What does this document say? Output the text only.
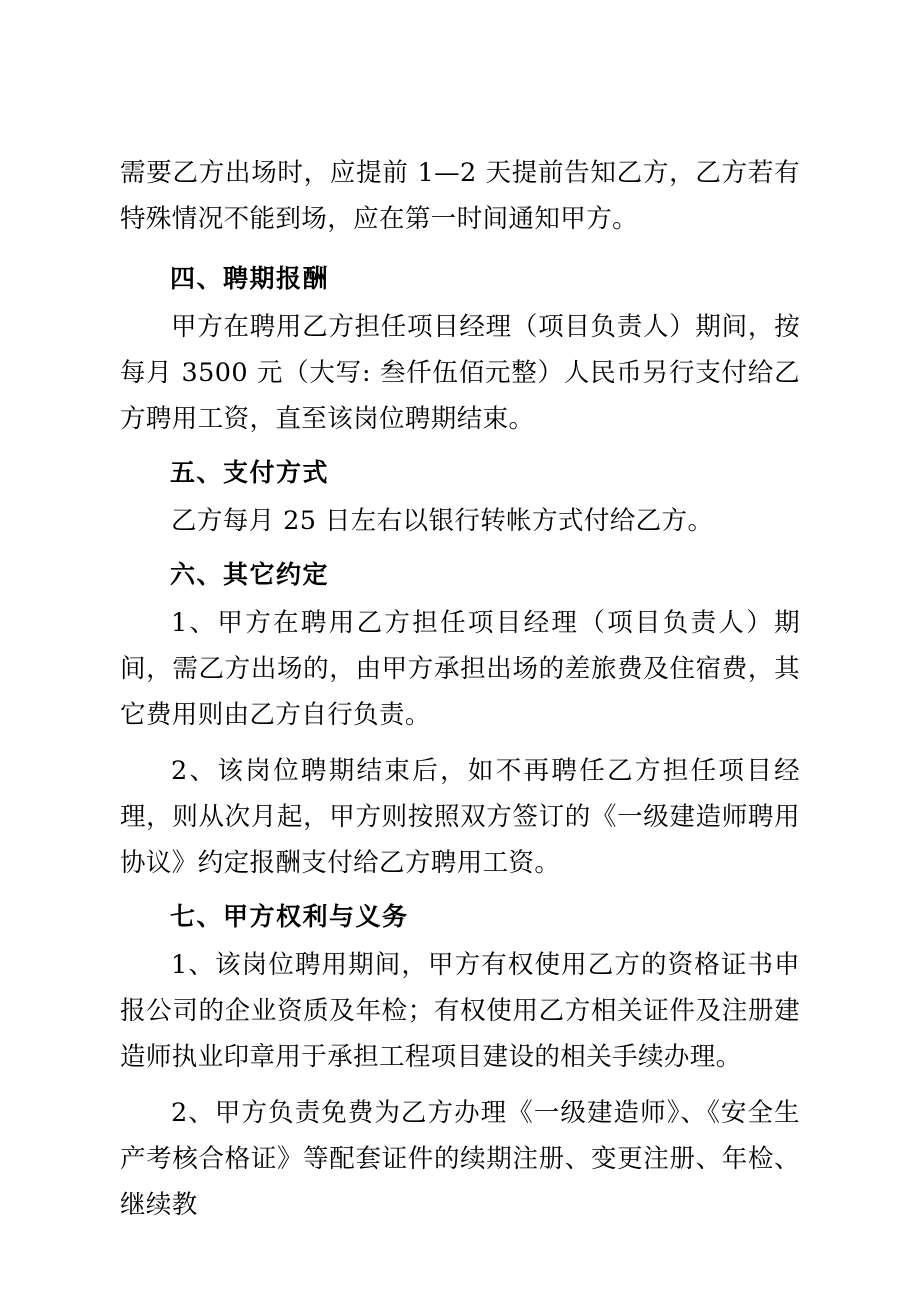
需要乙方出场时，应提前 1—2 天提前告知乙方，乙方若有特殊情况不能到场，应在第一时间通知甲方。

四、聘期报酬

甲方在聘用乙方担任项目经理（项目负责人）期间，按每月 3500 元（大写: 叁仟伍佰元整）人民币另行支付给乙方聘用工资，直至该岗位聘期结束。

五、支付方式

乙方每月 25 日左右以银行转帐方式付给乙方。

六、其它约定

1、甲方在聘用乙方担任项目经理（项目负责人）期间，需乙方出场的，由甲方承担出场的差旅费及住宿费，其它费用则由乙方自行负责。

2、该岗位聘期结束后，如不再聘任乙方担任项目经理，则从次月起，甲方则按照双方签订的《一级建造师聘用协议》约定报酬支付给乙方聘用工资。

七、甲方权利与义务

1、该岗位聘用期间，甲方有权使用乙方的资格证书申报公司的企业资质及年检；有权使用乙方相关证件及注册建造师执业印章用于承担工程项目建设的相关手续办理。

2、甲方负责免费为乙方办理《一级建造师》、《安全生产考核合格证》等配套证件的续期注册、变更注册、年检、继续教
